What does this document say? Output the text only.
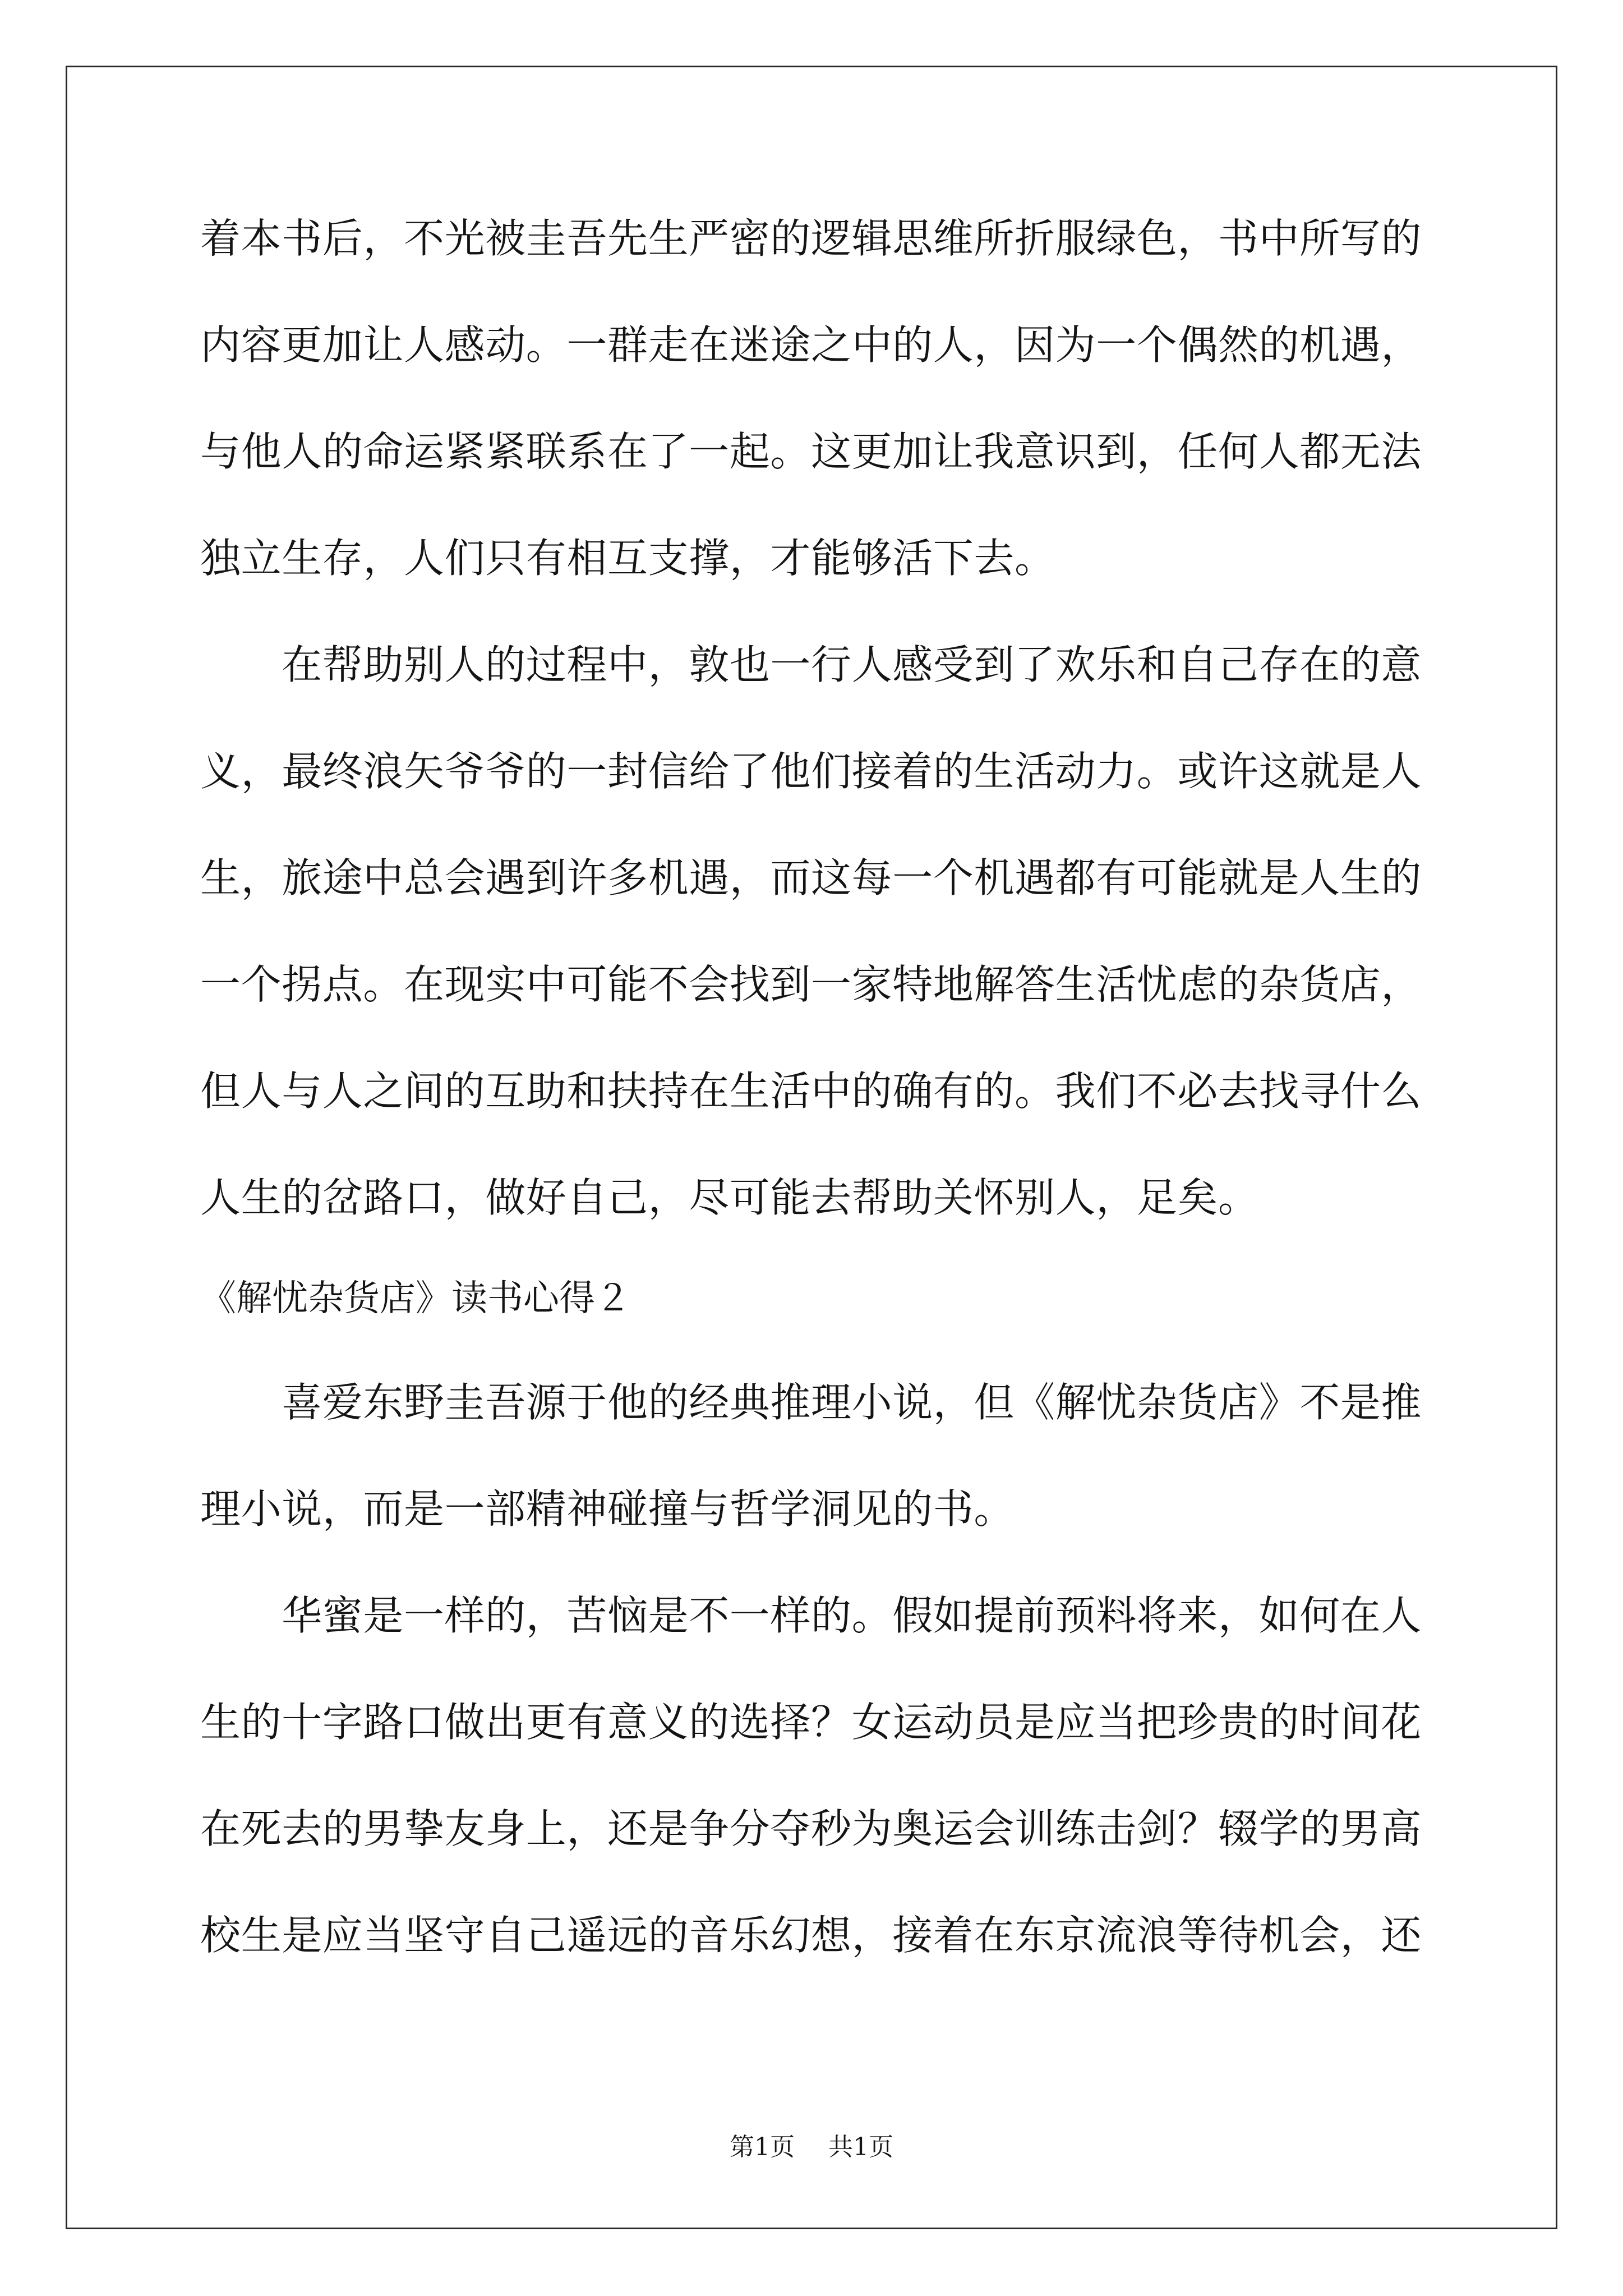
着本书后，不光被圭吾先生严密的逻辑思维所折服绿色，书中所写的
内容更加让人感动。一群走在迷途之中的人，因为一个偶然的机遇，
与他人的命运紧紧联系在了一起。这更加让我意识到，任何人都无法
独立生存，人们只有相互支撑，才能够活下去。
　　在帮助别人的过程中，敦也一行人感受到了欢乐和自己存在的意
义，最终浪矢爷爷的一封信给了他们接着的生活动力。或许这就是人
生，旅途中总会遇到许多机遇，而这每一个机遇都有可能就是人生的
一个拐点。在现实中可能不会找到一家特地解答生活忧虑的杂货店，
但人与人之间的互助和扶持在生活中的确有的。我们不必去找寻什么
人生的岔路口，做好自己，尽可能去帮助关怀别人，足矣。
《解忧杂货店》读书心得２
　　喜爱东野圭吾源于他的经典推理小说，但《解忧杂货店》不是推
理小说，而是一部精神碰撞与哲学洞见的书。
　　华蜜是一样的，苦恼是不一样的。假如提前预料将来，如何在人
生的十字路口做出更有意义的选择？女运动员是应当把珍贵的时间花
在死去的男挚友身上，还是争分夺秒为奥运会训练击剑？辍学的男高
校生是应当坚守自己遥远的音乐幻想，接着在东京流浪等待机会，还
第1页 共1页
